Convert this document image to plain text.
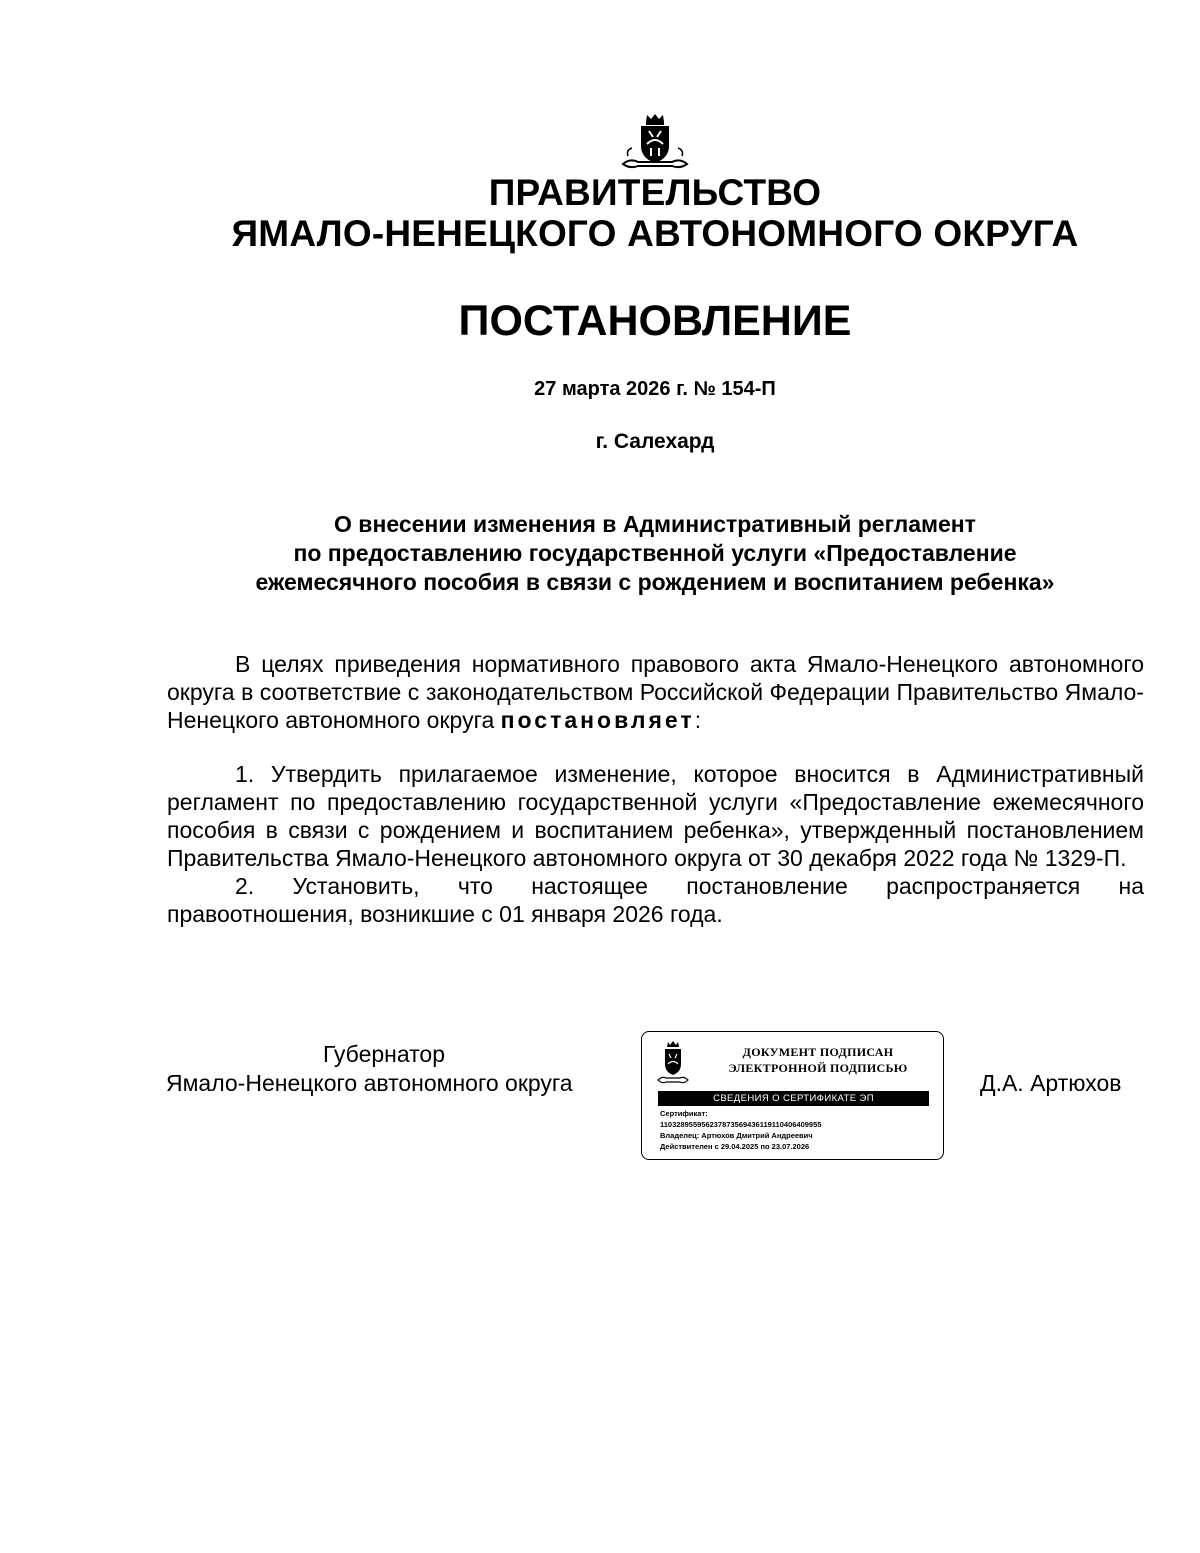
ПРАВИТЕЛЬСТВО
ЯМАЛО-НЕНЕЦКОГО АВТОНОМНОГО ОКРУГА
ПОСТАНОВЛЕНИЕ
27 марта 2026 г. № 154-П
г. Салехард
О внесении изменения в Административный регламент
по предоставлению государственной услуги «Предоставление
ежемесячного пособия в связи с рождением и воспитанием ребенка»

В целях приведения нормативного правового акта Ямало-Ненецкого автономного округа в соответствие с законодательством Российской Федерации Правительство Ямало-Ненецкого автономного округа постановляет:

1. Утвердить прилагаемое изменение, которое вносится в Административный регламент по предоставлению государственной услуги «Предоставление ежемесячного пособия в связи с рождением и воспитанием ребенка», утвержденный постановлением Правительства Ямало-Ненецкого автономного округа от 30 декабря 2022 года № 1329-П.

2. Установить, что настоящее постановление распространяется на правоотношения, возникшие с 01 января 2026 года.

Губернатор
Ямало-Ненецкого автономного округа
ДОКУМЕНТ ПОДПИСАН
ЭЛЕКТРОННОЙ ПОДПИСЬЮ
СВЕДЕНИЯ О СЕРТИФИКАТЕ ЭП
Сертификат:
110328955956237873569436119110406409955
Владелец: Артюхов Дмитрий Андреевич
Действителен с 29.04.2025 по 23.07.2026
Д.А. Артюхов
